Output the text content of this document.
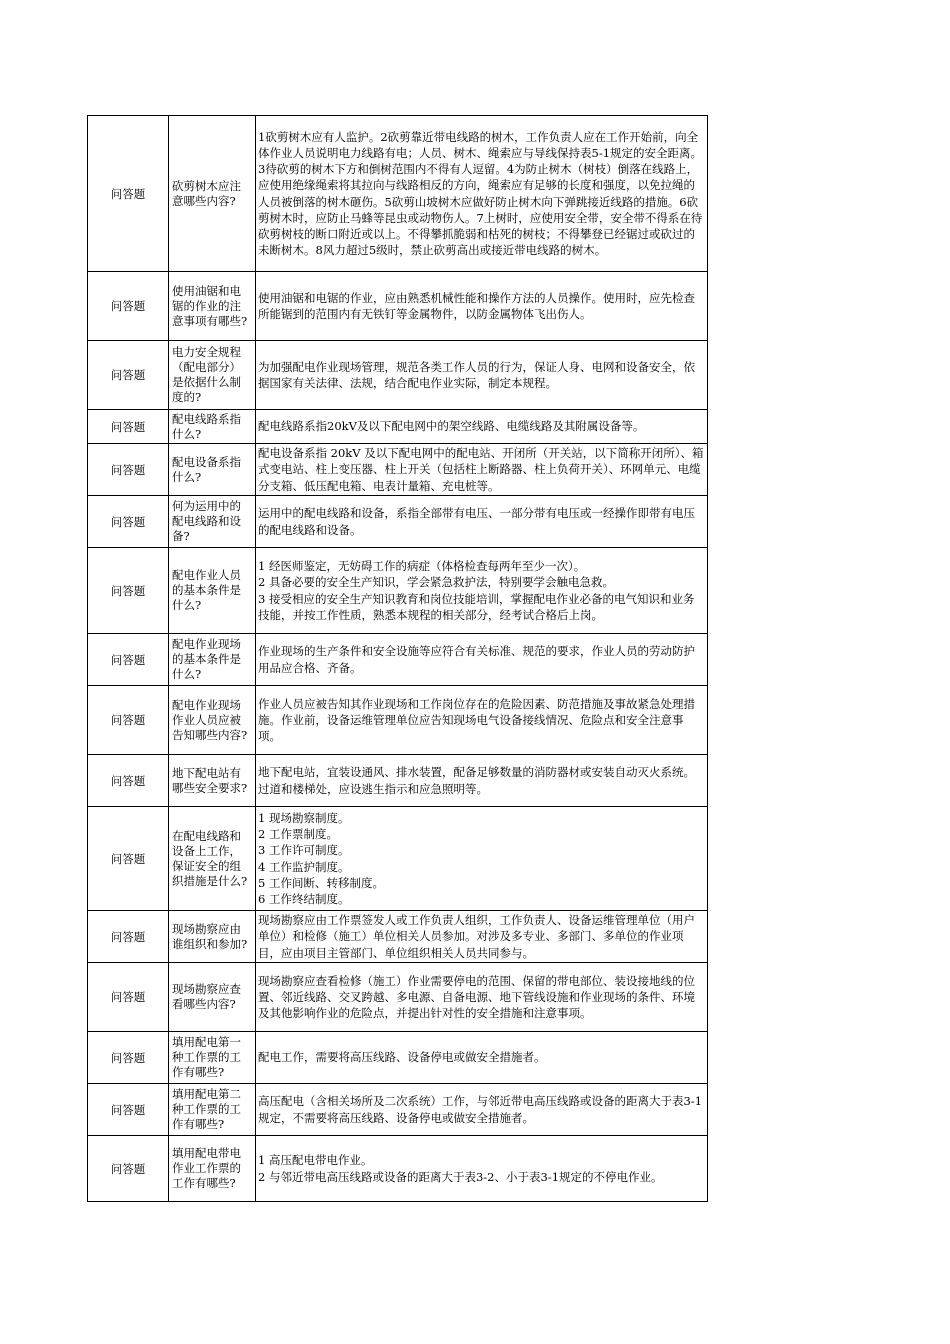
问答题
砍剪树木应注意哪些内容?
1砍剪树木应有人监护。2砍剪靠近带电线路的树木，工作负责人应在工作开始前，向全体作业人员说明电力线路有电；人员、树木、绳索应与导线保持表5-1规定的安全距离。3待砍剪的树木下方和倒树范围内不得有人逗留。4为防止树木（树枝）倒落在线路上，应使用绝缘绳索将其拉向与线路相反的方向，绳索应有足够的长度和强度，以免拉绳的人员被倒落的树木砸伤。5砍剪山坡树木应做好防止树木向下弹跳接近线路的措施。6砍剪树木时，应防止马蜂等昆虫或动物伤人。7上树时，应使用安全带，安全带不得系在待砍剪树枝的断口附近或以上。不得攀抓脆弱和枯死的树枝；不得攀登已经锯过或砍过的未断树木。8风力超过5级时，禁止砍剪高出或接近带电线路的树木。
问答题
使用油锯和电锯的作业的注意事项有哪些?
使用油锯和电锯的作业，应由熟悉机械性能和操作方法的人员操作。使用时，应先检查所能锯到的范围内有无铁钉等金属物件，以防金属物体飞出伤人。
问答题
电力安全规程（配电部分）是依据什么制度的?
为加强配电作业现场管理，规范各类工作人员的行为，保证人身、电网和设备安全，依据国家有关法律、法规，结合配电作业实际，制定本规程。
问答题
配电线路系指什么?
配电线路系指20kV及以下配电网中的架空线路、电缆线路及其附属设备等。
问答题
配电设备系指什么?
配电设备系指 20kV 及以下配电网中的配电站、开闭所（开关站，以下简称开闭所）、箱式变电站、柱上变压器、柱上开关（包括柱上断路器、柱上负荷开关）、环网单元、电缆分支箱、低压配电箱、电表计量箱、充电桩等。
问答题
何为运用中的配电线路和设备?
运用中的配电线路和设备，系指全部带有电压、一部分带有电压或一经操作即带有电压的配电线路和设备。
问答题
配电作业人员的基本条件是什么?
1 经医师鉴定，无妨碍工作的病症（体格检查每两年至少一次）。
2 具备必要的安全生产知识，学会紧急救护法，特别要学会触电急救。
3 接受相应的安全生产知识教育和岗位技能培训，掌握配电作业必备的电气知识和业务技能，并按工作性质，熟悉本规程的相关部分，经考试合格后上岗。
问答题
配电作业现场的基本条件是什么?
作业现场的生产条件和安全设施等应符合有关标准、规范的要求，作业人员的劳动防护用品应合格、齐备。
问答题
配电作业现场作业人员应被告知哪些内容?
作业人员应被告知其作业现场和工作岗位存在的危险因素、防范措施及事故紧急处理措施。作业前，设备运维管理单位应告知现场电气设备接线情况、危险点和安全注意事项。
问答题
地下配电站有哪些安全要求?
地下配电站，宜装设通风、排水装置，配备足够数量的消防器材或安装自动灭火系统。过道和楼梯处，应设逃生指示和应急照明等。
问答题
在配电线路和设备上工作，保证安全的组织措施是什么?
1 现场勘察制度。
2 工作票制度。
3 工作许可制度。
4 工作监护制度。
5 工作间断、转移制度。
6 工作终结制度。
问答题
现场勘察应由谁组织和参加?
现场勘察应由工作票签发人或工作负责人组织，工作负责人、设备运维管理单位（用户单位）和检修（施工）单位相关人员参加。对涉及多专业、多部门、多单位的作业项目，应由项目主管部门、单位组织相关人员共同参与。
问答题
现场勘察应查看哪些内容?
现场勘察应查看检修（施工）作业需要停电的范围、保留的带电部位、装设接地线的位置、邻近线路、交叉跨越、多电源、自备电源、地下管线设施和作业现场的条件、环境及其他影响作业的危险点，并提出针对性的安全措施和注意事项。
问答题
填用配电第一种工作票的工作有哪些?
配电工作，需要将高压线路、设备停电或做安全措施者。
问答题
填用配电第二种工作票的工作有哪些?
高压配电（含相关场所及二次系统）工作，与邻近带电高压线路或设备的距离大于表3-1规定，不需要将高压线路、设备停电或做安全措施者。
问答题
填用配电带电作业工作票的工作有哪些?
1 高压配电带电作业。
2 与邻近带电高压线路或设备的距离大于表3-2、小于表3-1规定的不停电作业。
